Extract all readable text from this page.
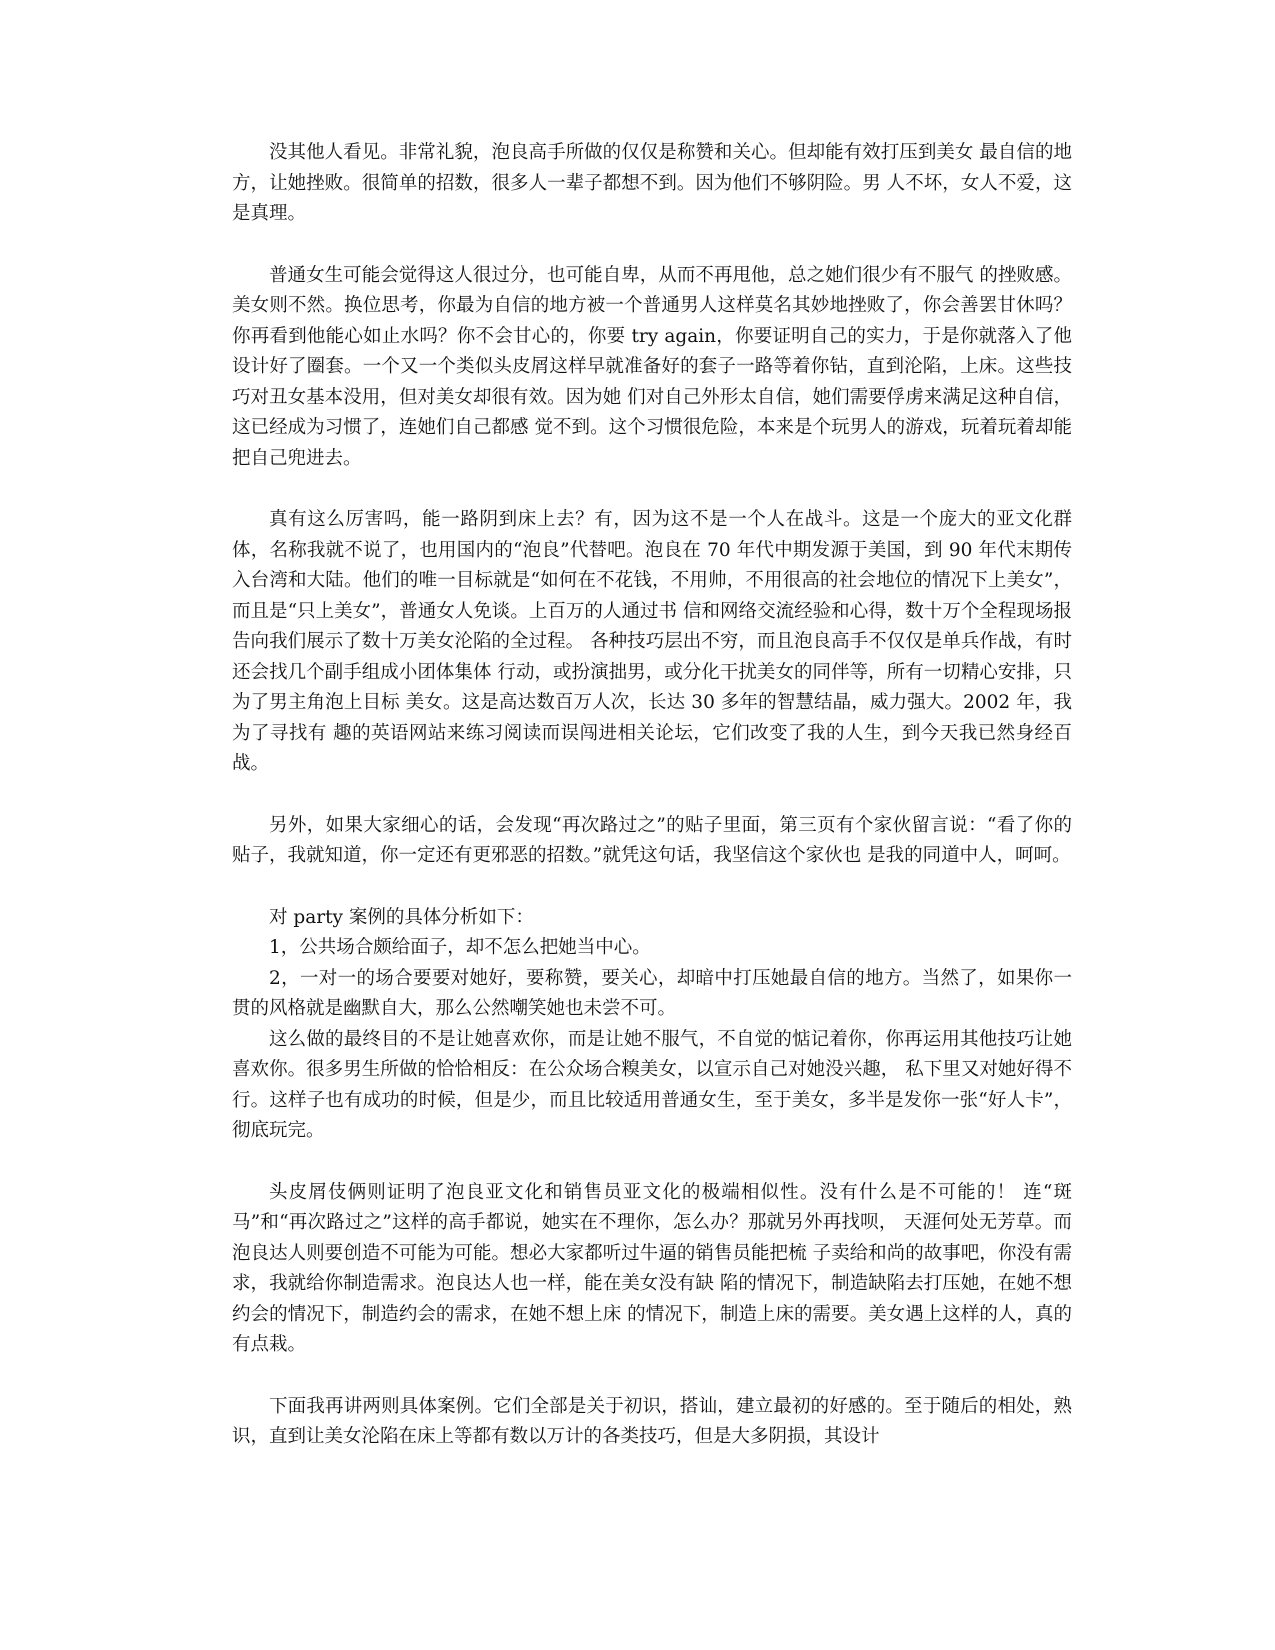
没其他人看见。非常礼貌，泡良高手所做的仅仅是称赞和关心。但却能有效打压到美女 最自信的地方，让她挫败。很简单的招数，很多人一辈子都想不到。因为他们不够阴险。男 人不坏，女人不爱，这是真理。

普通女生可能会觉得这人很过分，也可能自卑，从而不再甩他，总之她们很少有不服气 的挫败感。美女则不然。换位思考，你最为自信的地方被一个普通男人这样莫名其妙地挫败了，你会善罢甘休吗？你再看到他能心如止水吗？你不会甘心的，你要 try again，你要证明自己的实力，于是你就落入了他设计好了圈套。一个又一个类似头皮屑这样早就准备好的套子一路等着你钻，直到沦陷，上床。这些技巧对丑女基本没用，但对美女却很有效。因为她 们对自己外形太自信，她们需要俘虏来满足这种自信，这已经成为习惯了，连她们自己都感 觉不到。这个习惯很危险，本来是个玩男人的游戏，玩着玩着却能把自己兜进去。

真有这么厉害吗，能一路阴到床上去？有，因为这不是一个人在战斗。这是一个庞大的亚文化群体，名称我就不说了，也用国内的“泡良”代替吧。泡良在 70 年代中期发源于美国，到 90 年代末期传入台湾和大陆。他们的唯一目标就是“如何在不花钱，不用帅，不用很高的社会地位的情况下上美女”，而且是“只上美女”，普通女人免谈。上百万的人通过书 信和网络交流经验和心得，数十万个全程现场报告向我们展示了数十万美女沦陷的全过程。 各种技巧层出不穷，而且泡良高手不仅仅是单兵作战，有时还会找几个副手组成小团体集体 行动，或扮演拙男，或分化干扰美女的同伴等，所有一切精心安排，只为了男主角泡上目标 美女。这是高达数百万人次，长达 30 多年的智慧结晶，威力强大。2002 年，我为了寻找有 趣的英语网站来练习阅读而误闯进相关论坛，它们改变了我的人生，到今天我已然身经百战。

另外，如果大家细心的话，会发现“再次路过之”的贴子里面，第三页有个家伙留言说：“看了你的贴子，我就知道，你一定还有更邪恶的招数。”就凭这句话，我坚信这个家伙也 是我的同道中人，呵呵。

对 party 案例的具体分析如下：

1，公共场合颇给面子，却不怎么把她当中心。

2，一对一的场合要要对她好，要称赞，要关心，却暗中打压她最自信的地方。当然了，如果你一贯的风格就是幽默自大，那么公然嘲笑她也未尝不可。

这么做的最终目的不是让她喜欢你，而是让她不服气，不自觉的惦记着你，你再运用其他技巧让她喜欢你。很多男生所做的恰恰相反：在公众场合糗美女，以宣示自己对她没兴趣， 私下里又对她好得不行。这样子也有成功的时候，但是少，而且比较适用普通女生，至于美女，多半是发你一张“好人卡”，彻底玩完。

头皮屑伎俩则证明了泡良亚文化和销售员亚文化的极端相似性。没有什么是不可能的！ 连“斑马”和“再次路过之”这样的高手都说，她实在不理你，怎么办？那就另外再找呗， 天涯何处无芳草。而泡良达人则要创造不可能为可能。想必大家都听过牛逼的销售员能把梳 子卖给和尚的故事吧，你没有需求，我就给你制造需求。泡良达人也一样，能在美女没有缺 陷的情况下，制造缺陷去打压她，在她不想约会的情况下，制造约会的需求，在她不想上床 的情况下，制造上床的需要。美女遇上这样的人，真的有点栽。

下面我再讲两则具体案例。它们全部是关于初识，搭讪，建立最初的好感的。至于随后的相处，熟识，直到让美女沦陷在床上等都有数以万计的各类技巧，但是大多阴损，其设计
